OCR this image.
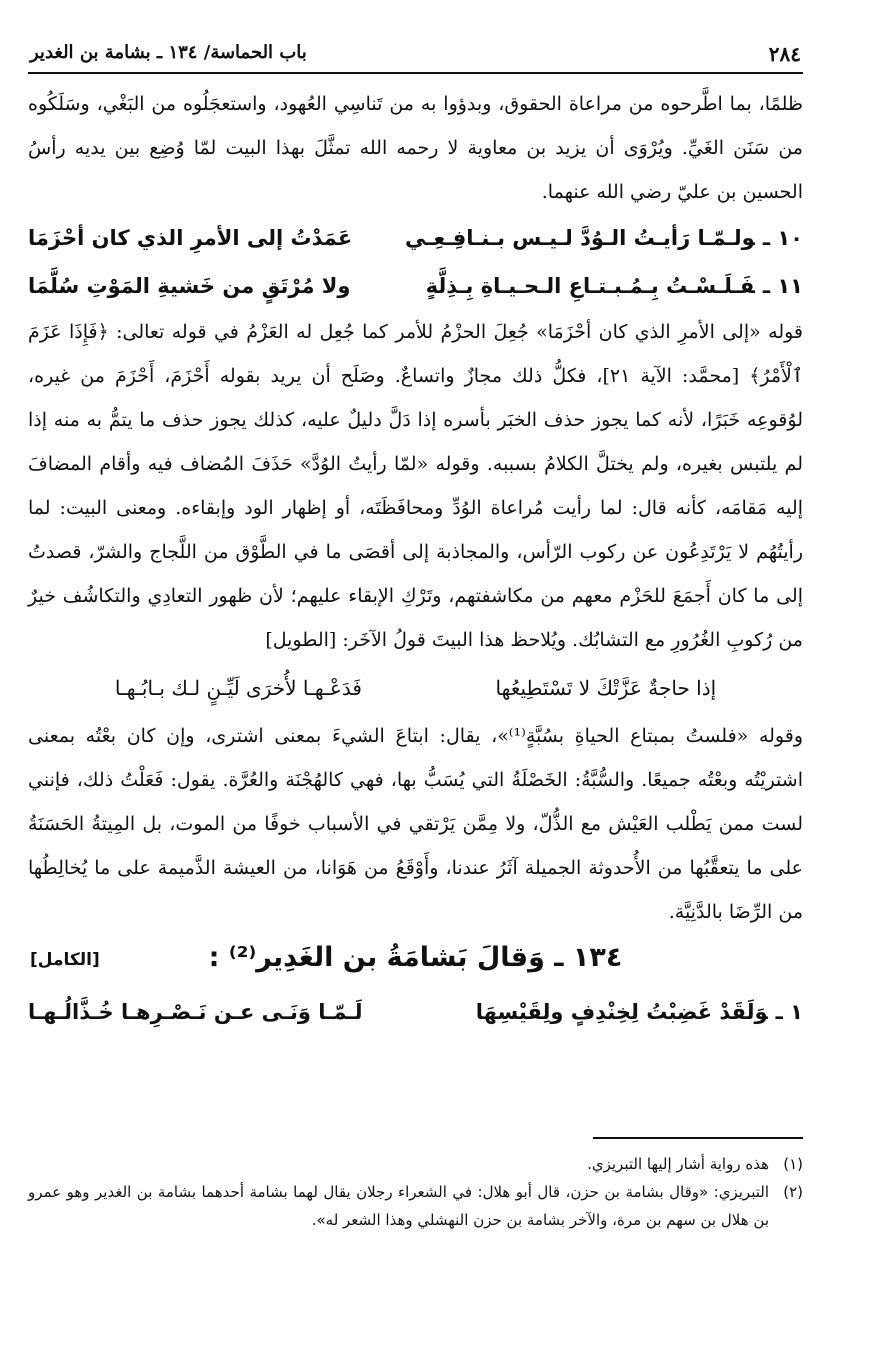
٢٨٤
باب الحماسة/ ١٣٤ ـ بشامة بن الغدير

ظلمًا، بما اطَّرحوه من مراعاة الحقوق، وبدؤوا به من تَناسِي العُهود، واستعجَلُوه من البَغْي، وسَلَكُوه من سَنَن الغَيِّ. ويُرْوَى أن يزيد بن معاوية لا رحمه الله تمثَّلَ بهذا البيت لمّا وُضِع بين يديه رأسُ الحسين بن عليّ رضي الله عنهما.

١٠ ـولـمّـا رَأيـتُ الـوُدَّ لـيـس بـنـافِـعِـي
عَمَدْتُ إلى الأمرِ الذي كان أحْزَمَا
١١ ـفَـلَـسْـتُ بِـمُـبـتـاعِ الـحـيـاةِ بِـذِلَّةٍ
ولا مُرْتَقٍ من خَشيةِ المَوْتِ سُلَّمَا

قوله «إلى الأمرِ الذي كان أحْزَمَا» جُعِلَ الحزْمُ للأمر كما جُعِل له العَزْمُ في قوله تعالى: ﴿فَإِذَا عَزَمَ ٱلْأَمْرُ﴾ [محمَّد: الآية ٢١]، فكلُّ ذلك مجازٌ واتساعٌ. وصَلَح أن يريد بقوله أَحْزَمَ، أَحْزَمَ من غيره، لوُقوعِه خَبَرًا، لأنه كما يجوز حذف الخبَر بأسره إذا دَلَّ دليلٌ عليه، كذلك يجوز حذف ما يتمُّ به منه إذا لم يلتبس بغيره، ولم يختلَّ الكلامُ بسببه. وقوله «لمّا رأيتُ الوُدَّ» حَذَفَ المُضاف فيه وأقام المضافَ إليه مَقامَه، كأنه قال: لما رأيت مُراعاة الوُدِّ ومحافَظَتَه، أو إظهار الود وإبقاءه. ومعنى البيت: لما رأيتُهُم لا يَرْتَدِعُون عن ركوب الرّأس، والمجاذبة إلى أقصَى ما في الطَّوْق من اللَّجاج والشرّ، قصدتُ إلى ما كان أَجمَعَ للحَزْم معهم من مكاشفتهم، وتَرْكِ الإبقاء عليهم؛ لأن ظهور التعادِي والتكاشُف خيرٌ من رُكوبِ الغُرُورِ مع التشابُك. ويُلاحظ هذا البيتَ قولُ الآخَر: [الطويل]

إذا حاجةٌ عَزَّتْكَ لا تَسْتَطِيعُها
فَدَعْـهـا لأُخرَى لَيِّـنٍ لـك بـابُـهـا

وقوله «فلستُ بمبتاع الحياةِ بسُبَّةٍ⁽¹⁾»، يقال: ابتاعَ الشيءَ بمعنى اشترى، وإن كان بعْتُه بمعنى اشتريْتُه وبعْتُه جميعًا. والسُّبَّةُ: الخَصْلَةُ التي يُسَبُّ بها، فهي كالهُجْنَة والعُرَّة. يقول: فَعَلْتُ ذلك، فإنني لست ممن يَطْلب العَيْش مع الذُّلّ، ولا مِمَّن يَرْتقي في الأسباب خوفًا من الموت، بل المِيتةُ الحَسَنَةُ على ما يتعقَّبُها من الأُحدوثة الجميلة آثَرُ عندنا، وأَوْقَعُ من هَوَانا، من العيشة الذَّميمة على ما يُخالِطُها من الرِّضَا بالدَّنِيَّة.

١٣٤ ـ وَقالَ بَشامَةُ بن الغَدِير⁽²⁾ :
[الكامل]
١ ـوَلَقَدْ غَضِبْتُ لِخِنْدِفٍ ولِقَيْسِهَا
لَـمّـا وَنَـى عـن نَـصْـرِهـا خُـذَّالُـهـا

(١)
هذه رواية أشار إليها التبريزي.

(٢)
التبريزي: «وقال بشامة بن حزن، قال أبو هلال: في الشعراء رجلان يقال لهما بشامة أحدهما بشامة بن الغدير وهو عمرو بن هلال بن سهم بن مرة، والآخر بشامة بن حزن النهشلي وهذا الشعر له».
